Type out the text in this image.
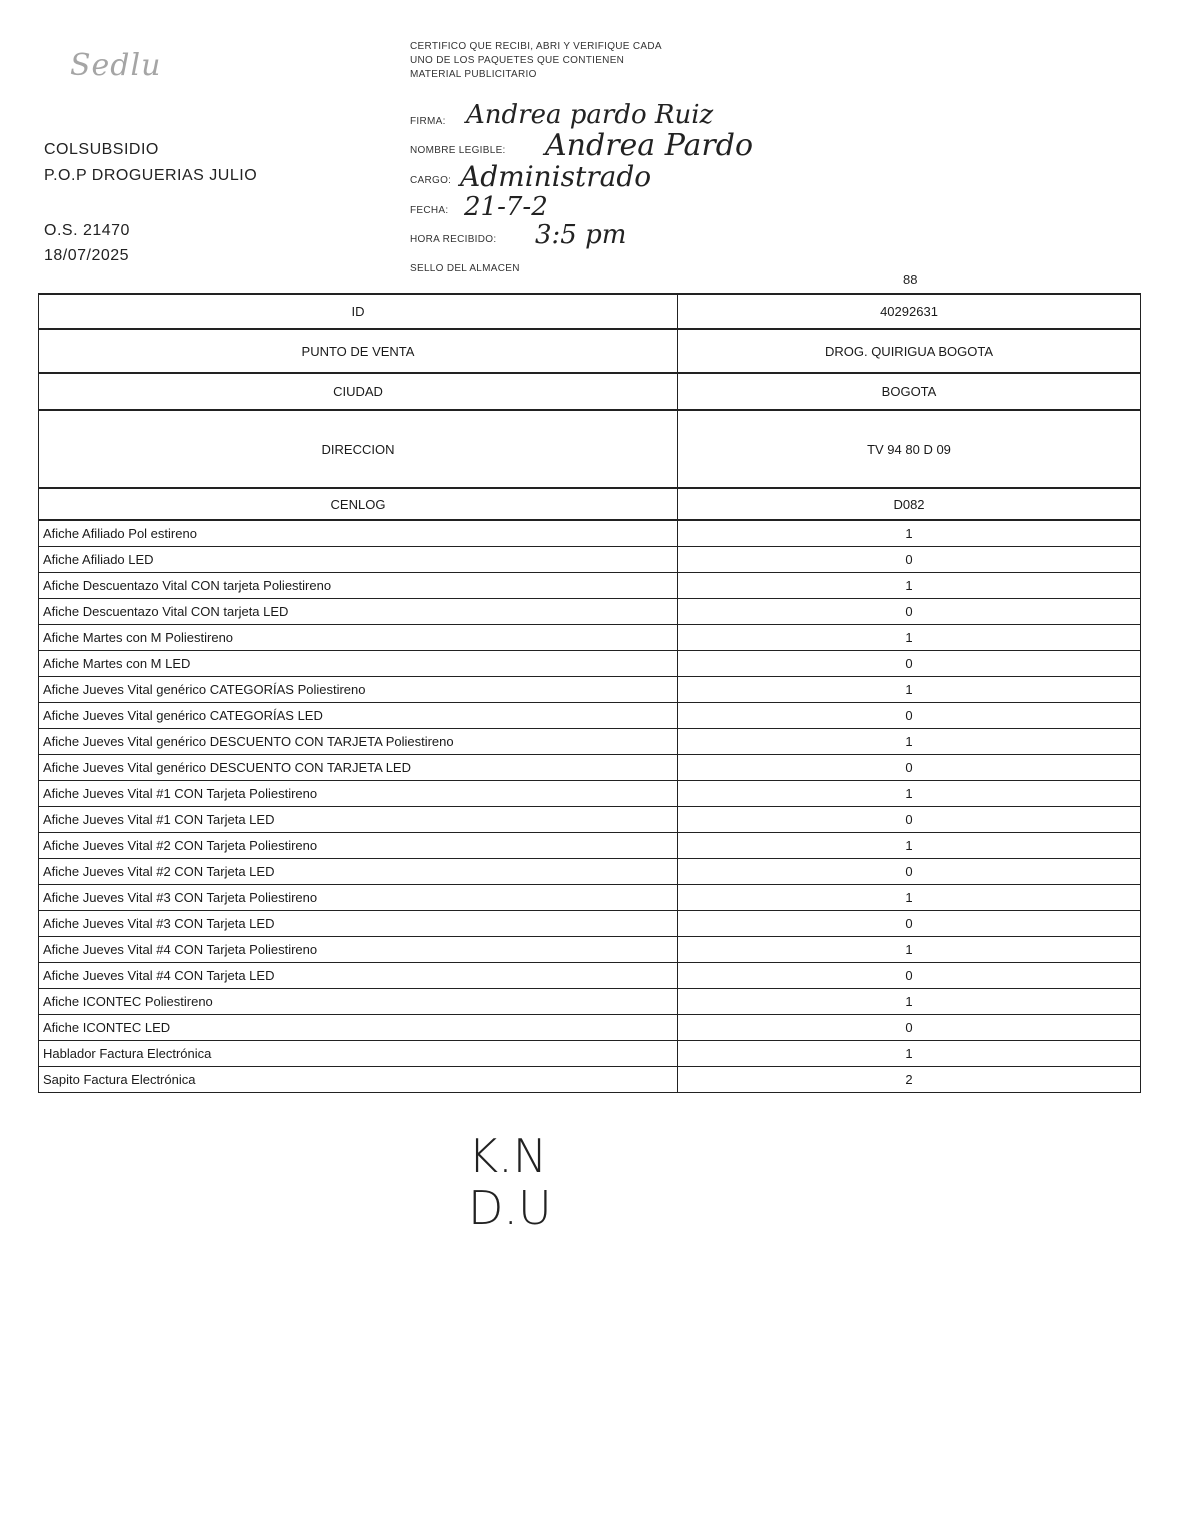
Sedlu
COLSUBSIDIO
P.O.P DROGUERIAS JULIO
O.S. 21470
18/07/2025
CERTIFICO QUE RECIBI, ABRI Y VERIFIQUE CADA UNO DE LOS PAQUETES QUE CONTIENEN MATERIAL PUBLICITARIO
FIRMA: Andrea pardo Ruiz
NOMBRE LEGIBLE: Andrea Pardo
CARGO: Administrado
FECHA: 21-7-2
HORA RECIBIDO: 3:5 pm
SELLO DEL ALMACEN
88
ID	40292631
PUNTO DE VENTA	DROG. QUIRIGUA BOGOTA
CIUDAD	BOGOTA
DIRECCION	TV 94 80 D 09
CENLOG	D082
Afiche Afiliado Pol estireno	1
Afiche Afiliado LED	0
Afiche Descuentazo Vital CON tarjeta Poliestireno	1
Afiche Descuentazo Vital CON tarjeta LED	0
Afiche Martes con M Poliestireno	1
Afiche Martes con M LED	0
Afiche Jueves Vital genérico CATEGORÍAS Poliestireno	1
Afiche Jueves Vital genérico CATEGORÍAS LED	0
Afiche Jueves Vital genérico DESCUENTO CON TARJETA Poliestireno	1
Afiche Jueves Vital genérico DESCUENTO CON TARJETA LED	0
Afiche Jueves Vital #1 CON Tarjeta Poliestireno	1
Afiche Jueves Vital #1 CON Tarjeta LED	0
Afiche Jueves Vital #2 CON Tarjeta Poliestireno	1
Afiche Jueves Vital #2 CON Tarjeta LED	0
Afiche Jueves Vital #3 CON Tarjeta Poliestireno	1
Afiche Jueves Vital #3 CON Tarjeta LED	0
Afiche Jueves Vital #4 CON Tarjeta Poliestireno	1
Afiche Jueves Vital #4 CON Tarjeta LED	0
Afiche ICONTEC Poliestireno	1
Afiche ICONTEC LED	0
Hablador Factura Electrónica	1
Sapito Factura Electrónica	2
K.N
D.U
